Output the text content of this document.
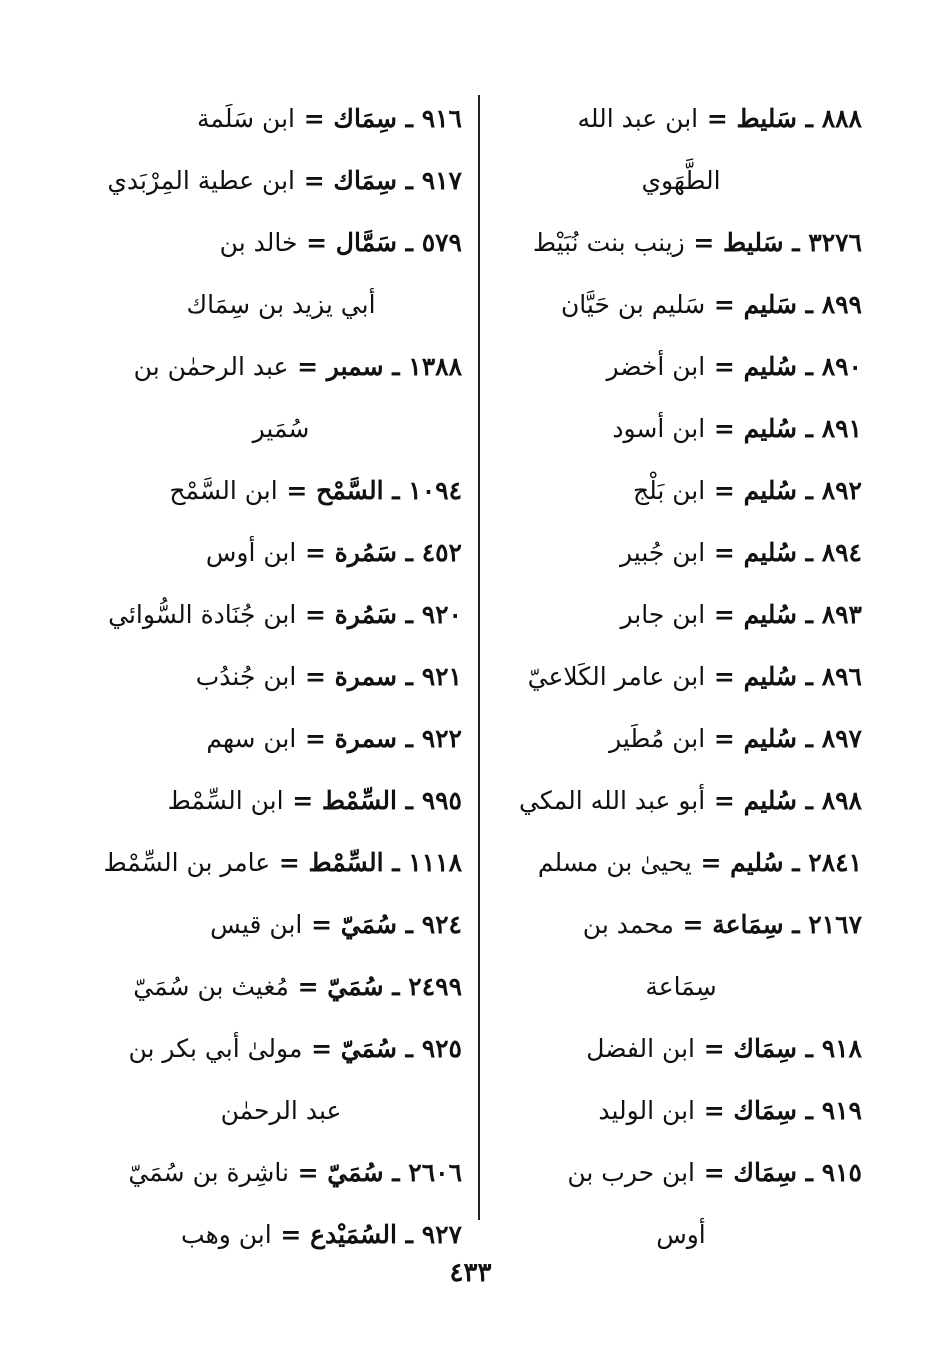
٨٨٨ ـ سَليط = ابن عبد الله
الطَّهَوي
٣٢٧٦ ـ سَليط = زينب بنت نُبَيْط
٨٩٩ ـ سَليم = سَليم بن حَيَّان
٨٩٠ ـ سُليم = ابن أخضر
٨٩١ ـ سُليم = ابن أسود
٨٩٢ ـ سُليم = ابن بَلْج
٨٩٤ ـ سُليم = ابن جُبير
٨٩٣ ـ سُليم = ابن جابر
٨٩٦ ـ سُليم = ابن عامر الكَلاعيّ
٨٩٧ ـ سُليم = ابن مُطَير
٨٩٨ ـ سُليم = أبو عبد الله المكي
٢٨٤١ ـ سُليم = يحيىٰ بن مسلم
٢١٦٧ ـ سِمَاعة = محمد بن
سِمَاعة
٩١٨ ـ سِمَاك = ابن الفضل
٩١٩ ـ سِمَاك = ابن الوليد
٩١٥ ـ سِمَاك = ابن حرب بن
أوس
٩١٦ ـ سِمَاك = ابن سَلَمة
٩١٧ ـ سِمَاك = ابن عطية المِرْبَدي
٥٧٩ ـ سَمَّال = خالد بن
أبي يزيد بن سِمَاك
١٣٨٨ ـ سمبر = عبد الرحمٰن بن
سُمَير
١٠٩٤ ـ السَّمْح = ابن السَّمْح
٤٥٢ ـ سَمُرة = ابن أوس
٩٢٠ ـ سَمُرة = ابن جُنَادة السُّوائي
٩٢١ ـ سمرة = ابن جُندُب
٩٢٢ ـ سمرة = ابن سهم
٩٩٥ ـ السِّمْط = ابن السِّمْط
١١١٨ ـ السِّمْط = عامر بن السِّمْط
٩٢٤ ـ سُمَيّ = ابن قيس
٢٤٩٩ ـ سُمَيّ = مُغيث بن سُمَيّ
٩٢٥ ـ سُمَيّ = مولىٰ أبي بكر بن
عبد الرحمٰن
٢٦٠٦ ـ سُمَيّ = ناشِرة بن سُمَيّ
٩٢٧ ـ السُمَيْدع = ابن وهب
٤٣٣
